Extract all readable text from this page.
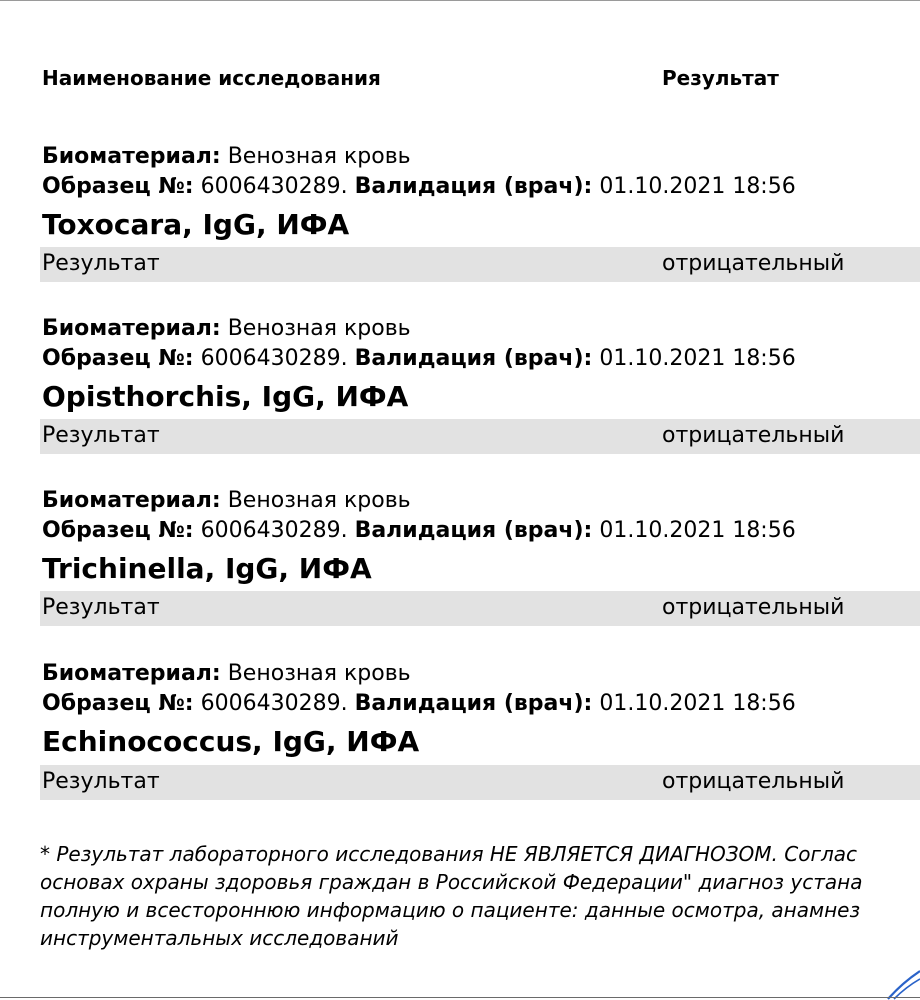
Наименование исследования	Результат
Биоматериал: Венозная кровь
Образец №: 6006430289. Валидация (врач): 01.10.2021 18:56
Toxocara, IgG, ИФА
Результат	отрицательный
Биоматериал: Венозная кровь
Образец №: 6006430289. Валидация (врач): 01.10.2021 18:56
Opisthorchis, IgG, ИФА
Результат	отрицательный
Биоматериал: Венозная кровь
Образец №: 6006430289. Валидация (врач): 01.10.2021 18:56
Trichinella, IgG, ИФА
Результат	отрицательный
Биоматериал: Венозная кровь
Образец №: 6006430289. Валидация (врач): 01.10.2021 18:56
Echinococcus, IgG, ИФА
Результат	отрицательный
* Результат лабораторного исследования НЕ ЯВЛЯЕТСЯ ДИАГНОЗОМ. Соглас
основах охраны здоровья граждан в Российской Федерации" диагноз устана
полную и всестороннюю информацию о пациенте: данные осмотра, анамнез
инструментальных исследований
